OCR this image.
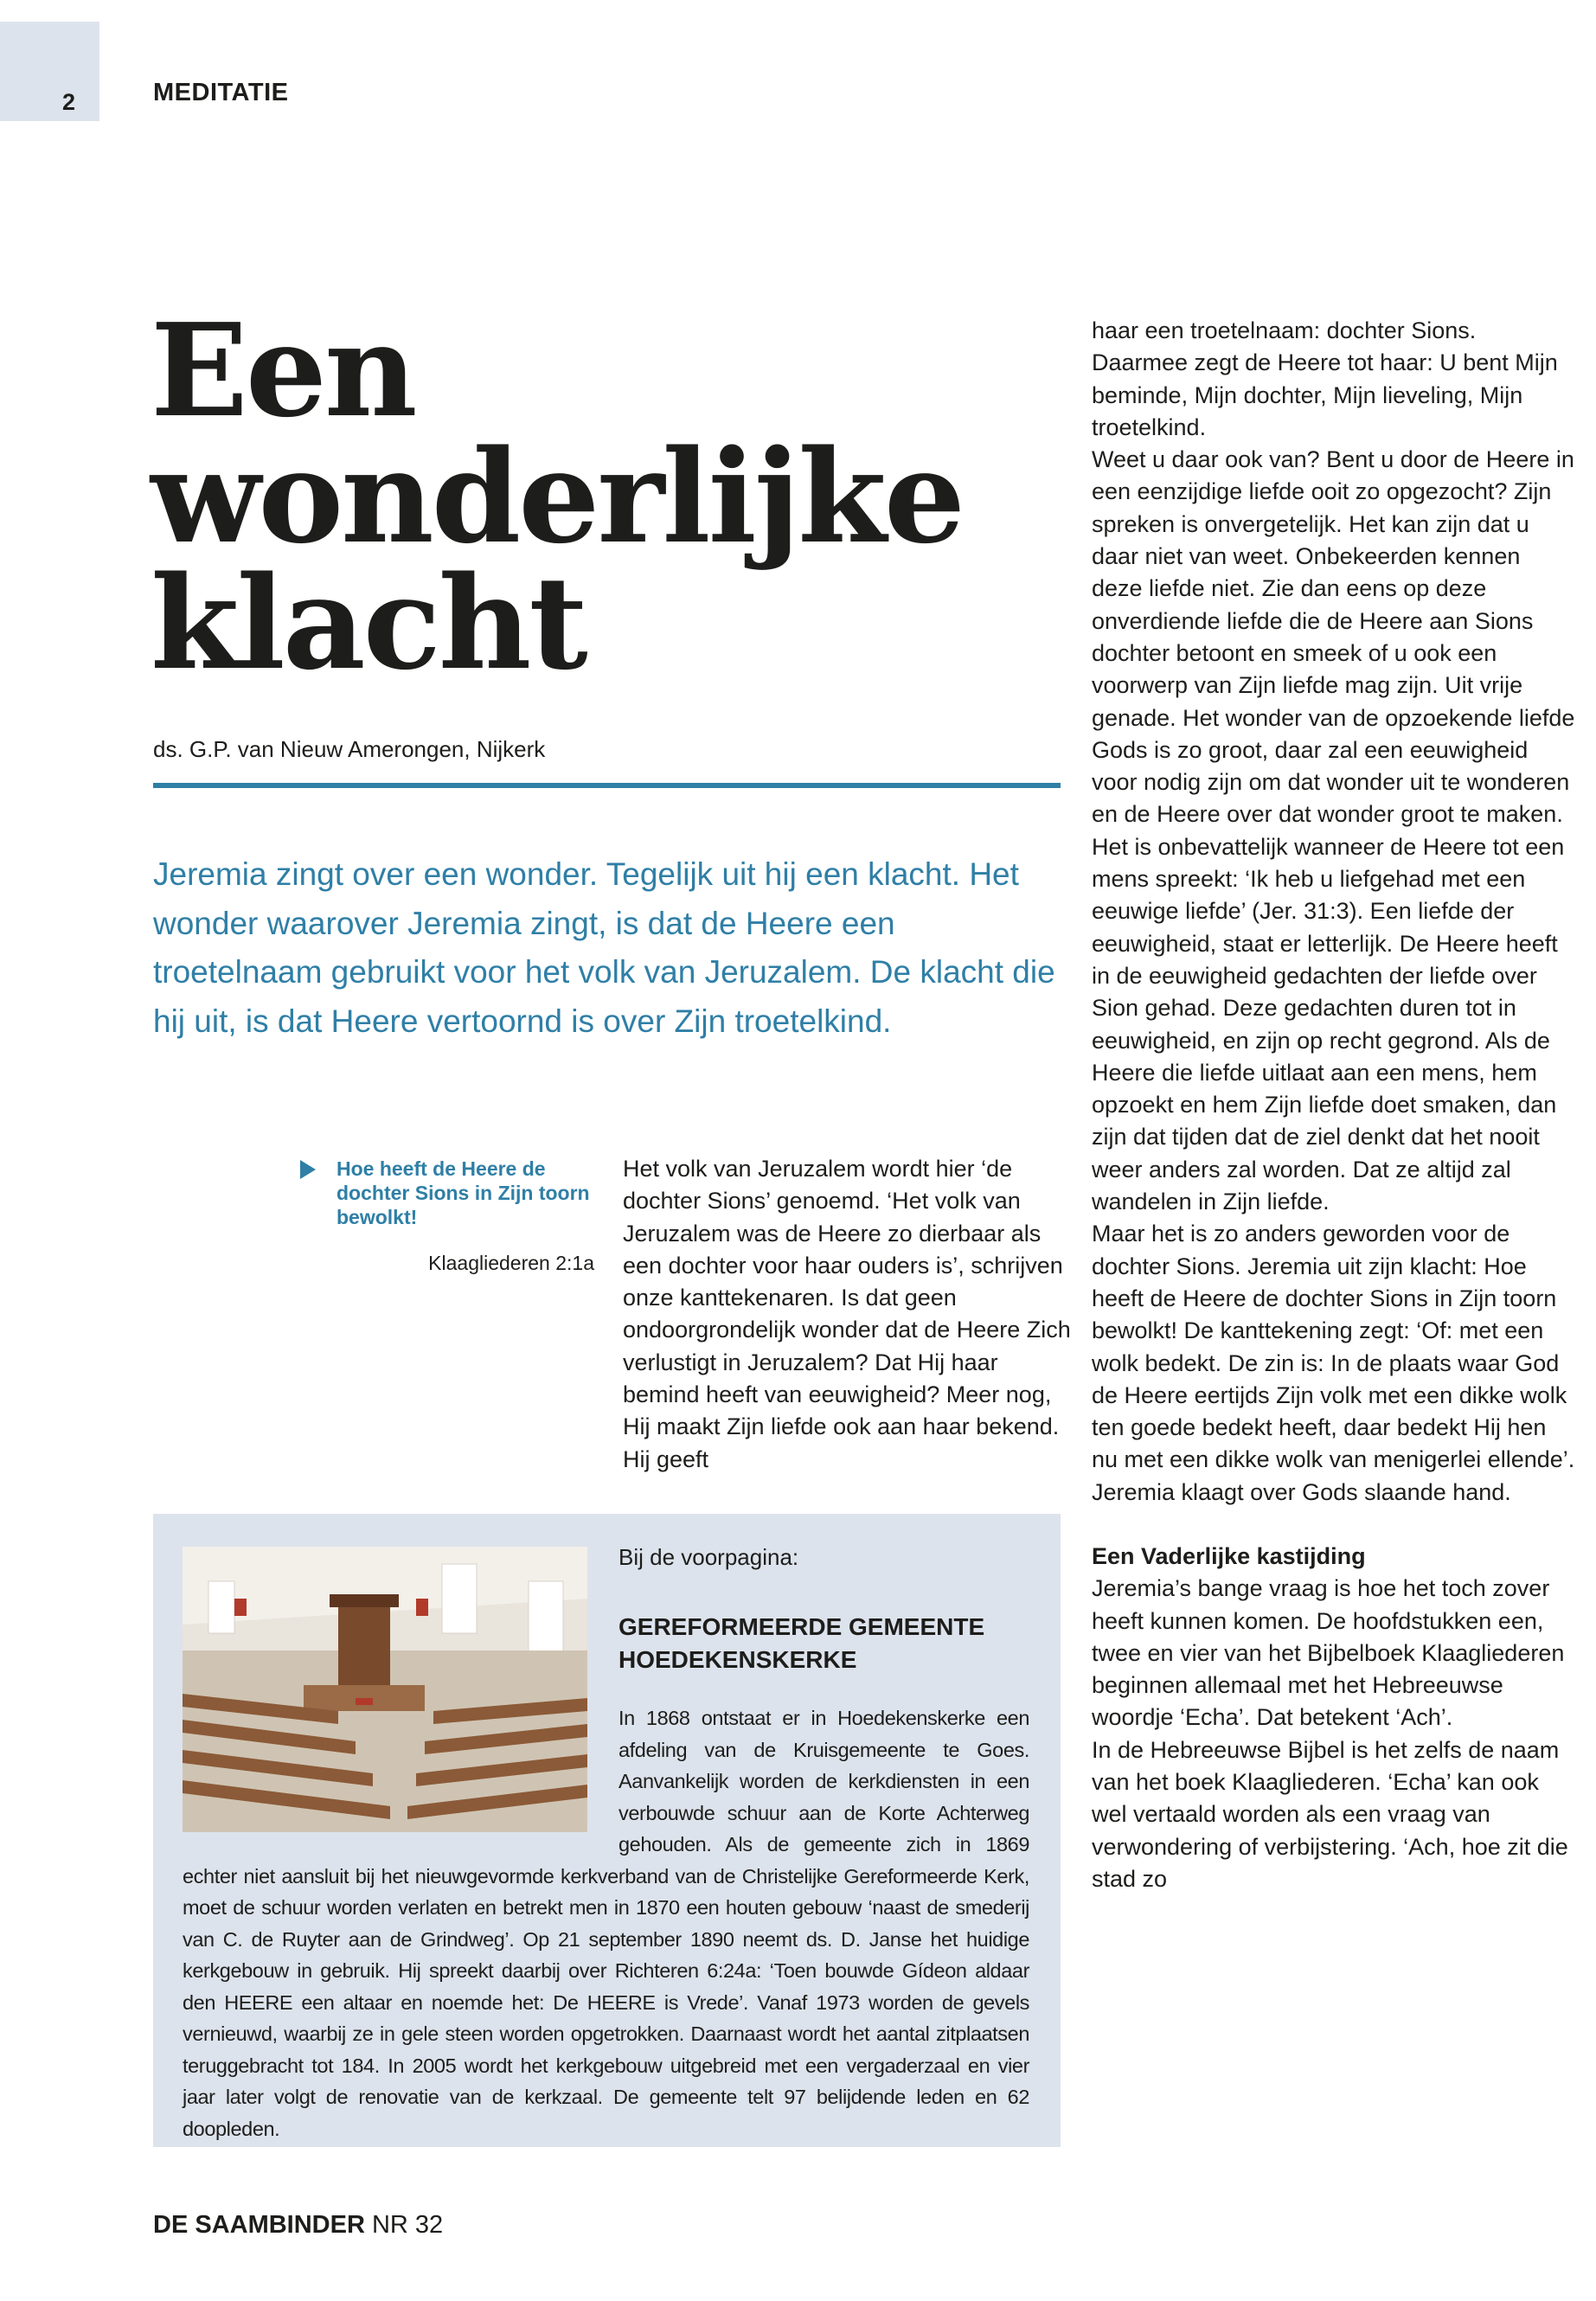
2	MEDITATIE
Een
wonderlijke
klacht
ds. G.P. van Nieuw Amerongen, Nijkerk
Jeremia zingt over een wonder. Tegelijk uit hij een klacht. Het wonder waarover Jeremia zingt, is dat de Heere een troetelnaam gebruikt voor het volk van Jeruzalem. De klacht die hij uit, is dat Heere vertoornd is over Zijn troetelkind.
Hoe heeft de Heere de dochter Sions in Zijn toorn bewolkt!
Klaagliederen 2:1a

Het volk van Jeruzalem wordt hier ‘de dochter Sions’ genoemd. ‘Het volk van Jeruzalem was de Heere zo dierbaar als een dochter voor haar ouders is’, schrijven onze kanttekenaren. Is dat geen ondoorgrondelijk wonder dat de Heere Zich verlustigt in Jeruzalem? Dat Hij haar bemind heeft van eeuwigheid? Meer nog, Hij maakt Zijn liefde ook aan haar bekend. Hij geeft

haar een troetelnaam: dochter Sions. Daarmee zegt de Heere tot haar: U bent Mijn beminde, Mijn dochter, Mijn lieveling, Mijn troetelkind.

Weet u daar ook van? Bent u door de Heere in een eenzijdige liefde ooit zo opgezocht? Zijn spreken is onvergetelijk. Het kan zijn dat u daar niet van weet. Onbekeerden kennen deze liefde niet. Zie dan eens op deze onverdiende liefde die de Heere aan Sions dochter betoont en smeek of u ook een voorwerp van Zijn liefde mag zijn. Uit vrije genade. Het wonder van de opzoekende liefde Gods is zo groot, daar zal een eeuwigheid voor nodig zijn om dat wonder uit te wonderen en de Heere over dat wonder groot te maken.

Het is onbevattelijk wanneer de Heere tot een mens spreekt: ‘Ik heb u liefgehad met een eeuwige liefde’ (Jer. 31:3). Een liefde der eeuwigheid, staat er letterlijk. De Heere heeft in de eeuwigheid gedachten der liefde over Sion gehad. Deze gedachten duren tot in eeuwigheid, en zijn op recht gegrond. Als de Heere die liefde uitlaat aan een mens, hem opzoekt en hem Zijn liefde doet smaken, dan zijn dat tijden dat de ziel denkt dat het nooit weer anders zal worden. Dat ze altijd zal wandelen in Zijn liefde.

Maar het is zo anders geworden voor de dochter Sions. Jeremia uit zijn klacht: Hoe heeft de Heere de dochter Sions in Zijn toorn bewolkt! De kanttekening zegt: ‘Of: met een wolk bedekt. De zin is: In de plaats waar God de Heere eertijds Zijn volk met een dikke wolk ten goede bedekt heeft, daar bedekt Hij hen nu met een dikke wolk van menigerlei ellende’. Jeremia klaagt over Gods slaande hand.

Een Vaderlijke kastijding

Jeremia’s bange vraag is hoe het toch zover heeft kunnen komen. De hoofdstukken een, twee en vier van het Bijbelboek Klaagliederen beginnen allemaal met het Hebreeuwse woordje ‘Echa’. Dat betekent ‘Ach’.

In de Hebreeuwse Bijbel is het zelfs de naam van het boek Klaagliederen. ‘Echa’ kan ook wel vertaald worden als een vraag van verwondering of verbijstering. ‘Ach, hoe zit die stad zo

Bij de voorpagina:

GEREFORMEERDE GEMEENTE HOEDEKENSKERKE

In 1868 ontstaat er in Hoedekenskerke een afdeling van de Kruisgemeente te Goes. Aanvankelijk worden de kerkdiensten in een verbouwde schuur aan de Korte Achterweg gehouden. Als de gemeente zich in 1869 echter niet aansluit bij het nieuwgevormde kerkverband van de Christelijke Gereformeerde Kerk, moet de schuur worden verlaten en betrekt men in 1870 een houten gebouw ‘naast de smederij van C. de Ruyter aan de Grindweg’. Op 21 september 1890 neemt ds. D. Janse het huidige kerkgebouw in gebruik. Hij spreekt daarbij over Richteren 6:24a: ‘Toen bouwde Gídeon aldaar den HEERE een altaar en noemde het: De HEERE is Vrede’. Vanaf 1973 worden de gevels vernieuwd, waarbij ze in gele steen worden opgetrokken. Daarnaast wordt het aantal zitplaatsen teruggebracht tot 184. In 2005 wordt het kerkgebouw uitgebreid met een vergaderzaal en vier jaar later volgt de renovatie van de kerkzaal. De gemeente telt 97 belijdende leden en 62 doopleden.

DE SAAMBINDER NR 32
